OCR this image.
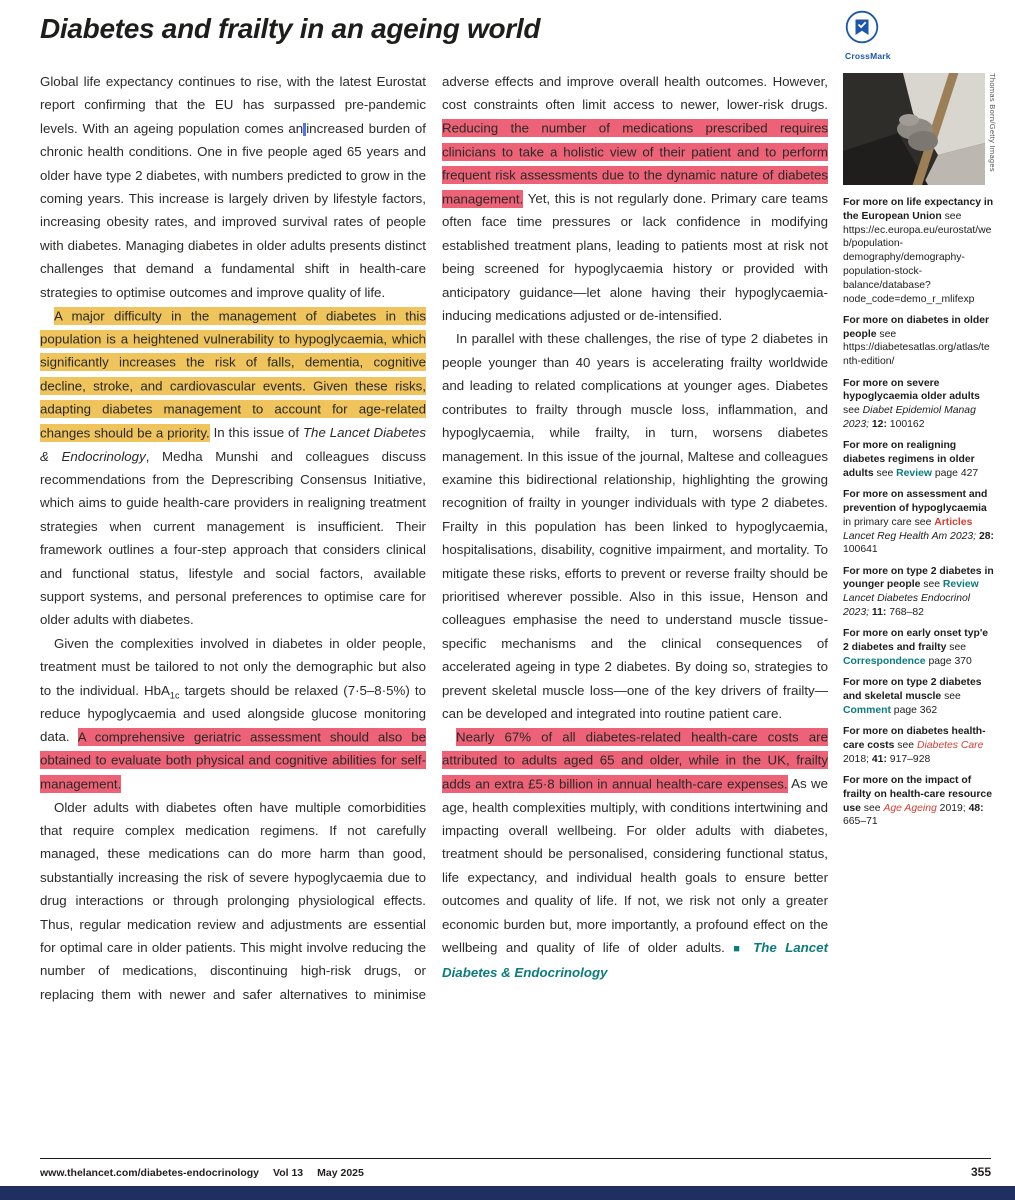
Diabetes and frailty in an ageing world

Global life expectancy continues to rise, with the latest Eurostat report confirming that the EU has surpassed pre-pandemic levels. With an ageing population comes an increased burden of chronic health conditions. One in five people aged 65 years and older have type 2 diabetes, with numbers predicted to grow in the coming years. This increase is largely driven by lifestyle factors, increasing obesity rates, and improved survival rates of people with diabetes. Managing diabetes in older adults presents distinct challenges that demand a fundamental shift in health-care strategies to optimise outcomes and improve quality of life.

A major difficulty in the management of diabetes in this population is a heightened vulnerability to hypoglycaemia, which significantly increases the risk of falls, dementia, cognitive decline, stroke, and cardiovascular events. Given these risks, adapting diabetes management to account for age-related changes should be a priority. In this issue of The Lancet Diabetes & Endocrinology, Medha Munshi and colleagues discuss recommendations from the Deprescribing Consensus Initiative, which aims to guide health-care providers in realigning treatment strategies when current management is insufficient. Their framework outlines a four-step approach that considers clinical and functional status, lifestyle and social factors, available support systems, and personal preferences to optimise care for older adults with diabetes.

Given the complexities involved in diabetes in older people, treatment must be tailored to not only the demographic but also to the individual. HbA$_{1c}$ targets should be relaxed (7·5–8·5%) to reduce hypoglycaemia and used alongside glucose monitoring data. A comprehensive geriatric assessment should also be obtained to evaluate both physical and cognitive abilities for self-management.

Older adults with diabetes often have multiple comorbidities that require complex medication regimens. If not carefully managed, these medications can do more harm than good, substantially increasing the risk of severe hypoglycaemia due to drug interactions or through prolonging physiological effects. Thus, regular medication review and adjustments are essential for optimal care in older patients. This might involve reducing the number of medications, discontinuing high-risk drugs, or replacing them with newer and safer alternatives to minimise

adverse effects and improve overall health outcomes. However, cost constraints often limit access to newer, lower-risk drugs. Reducing the number of medications prescribed requires clinicians to take a holistic view of their patient and to perform frequent risk assessments due to the dynamic nature of diabetes management. Yet, this is not regularly done. Primary care teams often face time pressures or lack confidence in modifying established treatment plans, leading to patients most at risk not being screened for hypoglycaemia history or provided with anticipatory guidance—let alone having their hypoglycaemia-inducing medications adjusted or de-intensified.

In parallel with these challenges, the rise of type 2 diabetes in people younger than 40 years is accelerating frailty worldwide and leading to related complications at younger ages. Diabetes contributes to frailty through muscle loss, inflammation, and hypoglycaemia, while frailty, in turn, worsens diabetes management. In this issue of the journal, Maltese and colleagues examine this bidirectional relationship, highlighting the growing recognition of frailty in younger individuals with type 2 diabetes. Frailty in this population has been linked to hypoglycaemia, hospitalisations, disability, cognitive impairment, and mortality. To mitigate these risks, efforts to prevent or reverse frailty should be prioritised wherever possible. Also in this issue, Henson and colleagues emphasise the need to understand muscle tissue-specific mechanisms and the clinical consequences of accelerated ageing in type 2 diabetes. By doing so, strategies to prevent skeletal muscle loss—one of the key drivers of frailty—can be developed and integrated into routine patient care.

Nearly 67% of all diabetes-related health-care costs are attributed to adults aged 65 and older, while in the UK, frailty adds an extra £5·8 billion in annual health-care expenses. As we age, health complexities multiply, with conditions intertwining and impacting overall wellbeing. For older adults with diabetes, treatment should be personalised, considering functional status, life expectancy, and individual health goals to ensure better outcomes and quality of life. If not, we risk not only a greater economic burden but, more importantly, a profound effect on the wellbeing and quality of life of older adults. ■ The Lancet Diabetes & Endocrinology

CrossMark
Thomas Born/Getty Images
For more on life expectancy in the European Union see https://ec.europa.eu/eurostat/web/population-demography/demography-population-stock-balance/database?node_code=demo_r_mlifexp
For more on diabetes in older people see https://diabetesatlas.org/atlas/tenth-edition/
For more on severe hypoglycaemia older adults see Diabet Epidemiol Manag 2023; 12: 100162
For more on realigning diabetes regimens in older adults see Review page 427
For more on assessment and prevention of hypoglycaemia in primary care see Articles Lancet Reg Health Am 2023; 28: 100641
For more on type 2 diabetes in younger people see Review Lancet Diabetes Endocrinol 2023; 11: 768–82
For more on early onset typ'e 2 diabetes and frailty see Correspondence page 370
For more on type 2 diabetes and skeletal muscle see Comment page 362
For more on diabetes health-care costs see Diabetes Care 2018; 41: 917–928
For more on the impact of frailty on health-care resource use see Age Ageing 2019; 48: 665–71
www.thelancet.com/diabetes-endocrinology Vol 13 May 2025	355
